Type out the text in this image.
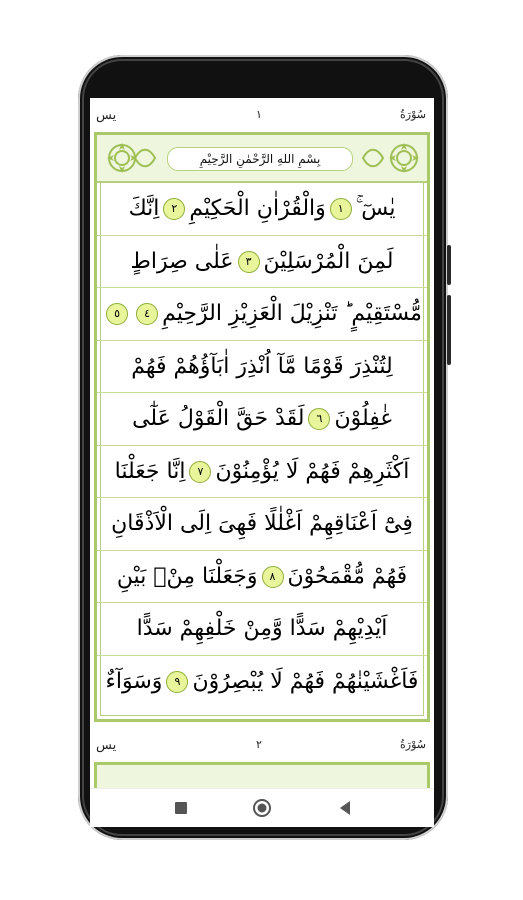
يس	١	سُوْرَةُ
بِسْمِ اللهِ الرَّحْمٰنِ الرَّحِيْمِ
يٰسٓ ۚ١وَالْقُرْاٰنِ الْحَكِيْمِ٢اِنَّكَ
لَمِنَ الْمُرْسَلِيْنَ٣عَلٰى صِرَاطٍ
مُّسْتَقِيْمٍ ؕ تَنْزِيْلَ الْعَزِيْزِ الرَّحِيْمِ٤٥
لِتُنْذِرَ قَوْمًا مَّآ اُنْذِرَ اٰبَآؤُهُمْ فَهُمْ
غٰفِلُوْنَ٦لَقَدْ حَقَّ الْقَوْلُ عَلٰٓى
اَكْثَرِهِمْ فَهُمْ لَا يُؤْمِنُوْنَ٧اِنَّا جَعَلْنَا
فِیْٓ اَعْنَاقِهِمْ اَغْلٰلًا فَهِیَ اِلَى الْاَذْقَانِ
فَهُمْ مُّقْمَحُوْنَ٨وَجَعَلْنَا مِنْۢ بَيْنِ
اَيْدِيْهِمْ سَدًّا وَّمِنْ خَلْفِهِمْ سَدًّا
فَاَغْشَيْنٰهُمْ فَهُمْ لَا يُبْصِرُوْنَ٩وَسَوَآءٌ
يس	٢	سُوْرَةُ
